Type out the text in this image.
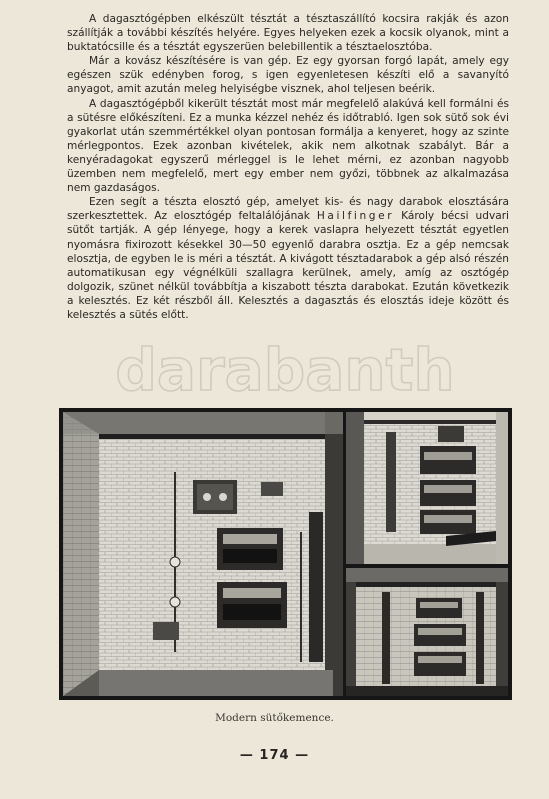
A dagasztógépben elkészült tésztát a tésztaszállító kocsira rakják és azon szállítják a további készítés helyére. Egyes helyeken ezek a kocsik olyanok, mint a buktatócsille és a tésztát egyszerüen belebillentik a tésztaelosztóba.

Már a kovász készítésére is van gép. Ez egy gyorsan forgó lapát, amely egy egészen szük edényben forog, s igen egyenletesen készíti elő a savanyító anyagot, amit azután meleg helyiségbe visznek, ahol teljesen beérik.

A dagasztógépből kikerült tésztát most már megfelelő alakúvá kell formálni és a sütésre előkészíteni. Ez a munka kézzel nehéz és időtrabló. Igen sok sütő sok évi gyakorlat után szemmértékkel olyan pontosan formálja a kenyeret, hogy az szinte mérlegpontos. Ezek azonban kivételek, akik nem alkotnak szabályt. Bár a kenyéradagokat egyszerű mérleggel is le lehet mérni, ez azonban nagyobb üzemben nem megfelelő, mert egy ember nem győzi, többnek az alkalmazása nem gazdaságos.

Ezen segít a tészta elosztó gép, amelyet kis- és nagy darabok elosztására szerkesztettek. Az elosztógép feltalálójának Hailfinger Károly bécsi udvari sütőt tartják. A gép lényege, hogy a kerek vaslapra helyezett tésztát egyetlen nyomásra fixirozott késekkel 30—50 egyenlő darabra osztja. Ez a gép nemcsak elosztja, de egyben le is méri a tésztát. A kivágott tésztadarabok a gép alsó részén automatikusan egy végnélküli szallagra kerülnek, amely, amíg az osztógép dolgozik, szünet nélkül továbbítja a kiszabott tészta darabokat. Ezután következik a kelesztés. Ez két részből áll. Kelesztés a dagasztás és elosztás ideje között és kelesztés a sütés előtt.

darabanth
Modern sütőkemence.
— 174 —
